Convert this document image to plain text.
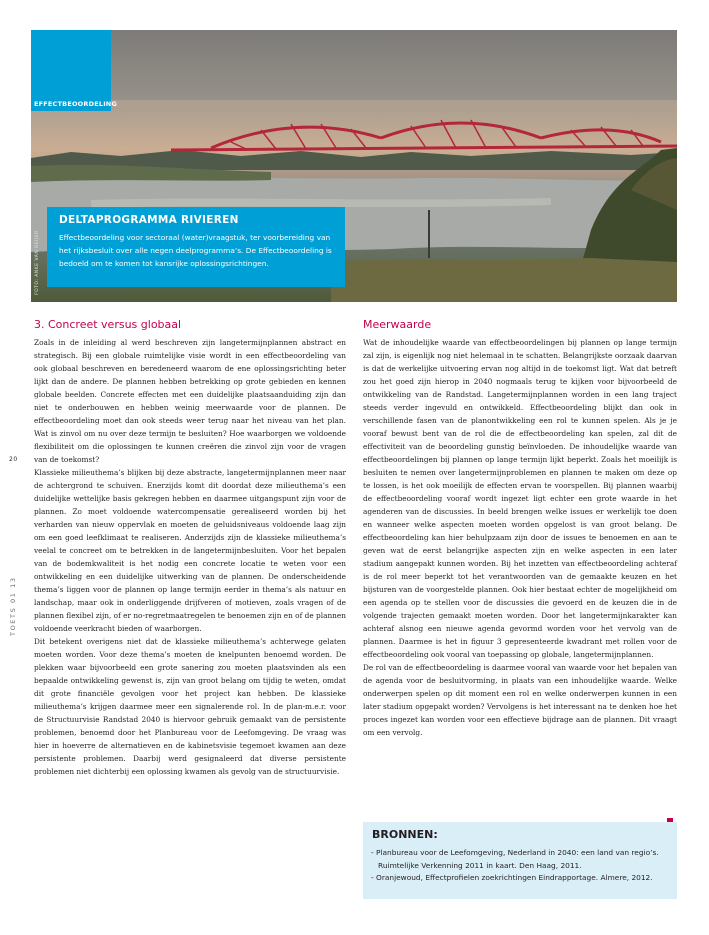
EFFECTBEOORDELING
FOTO: ANKE VAN REIJER
DELTAPROGRAMMA RIVIEREN

Effectbeoordeling voor sectoraal (water)vraagstuk, ter voorbereiding van
het rijksbesluit over alle negen deelprogramma’s. De Effectbeoordeling is
bedoeld om te komen tot kansrijke oplossingsrichtingen.

3. Concreet versus globaal

Zoals in de inleiding al werd beschreven zijn langetermijnplannen abstract en strategisch. Bij een globale ruimtelijke visie wordt in een effectbeoordeling van ook globaal beschreven en beredeneerd waarom de ene oplossingsrichting beter lijkt dan de andere. De plannen hebben betrekking op grote gebieden en kennen globale beelden. Concrete effecten met een duidelijke plaatsaanduiding zijn dan niet te onderbouwen en hebben weinig meerwaarde voor de plannen. De effectbeoordeling moet dan ook steeds weer terug naar het niveau van het plan. Wat is zinvol om nu over deze termijn te besluiten? Hoe waarborgen we voldoende flexibiliteit om die oplossingen te kunnen creëren die zinvol zijn voor de vragen van de toekomst?

Klassieke milieuthema’s blijken bij deze abstracte, langetermijnplannen meer naar de achtergrond te schuiven. Enerzijds komt dit doordat deze milieuthema’s een duidelijke wettelijke basis gekregen hebben en daarmee uitgangspunt zijn voor de plannen. Zo moet voldoende watercompensatie gerealiseerd worden bij het verharden van nieuw oppervlak en moeten de geluidsniveaus voldoende laag zijn om een goed leefklimaat te realiseren. Anderzijds zijn de klassieke milieuthema’s veelal te concreet om te betrekken in de langetermijnbesluiten. Voor het bepalen van de bodemkwaliteit is het nodig een concrete locatie te weten voor een ontwikkeling en een duidelijke uitwerking van de plannen. De onderscheidende thema’s liggen voor de plannen op lange termijn eerder in thema’s als natuur en landschap, maar ook in onderliggende drijfveren of motieven, zoals vragen of de plannen flexibel zijn, of er no-regretmaatregelen te benoemen zijn en of de plannen voldoende veerkracht bieden of waarborgen.

Dit betekent overigens niet dat de klassieke milieuthema’s achterwege gelaten moeten worden. Voor deze thema’s moeten de knelpunten benoemd worden. De plekken waar bijvoorbeeld een grote sanering zou moeten plaatsvinden als een bepaalde ontwikkeling gewenst is, zijn van groot belang om tijdig te weten, omdat dit grote financiële gevolgen voor het project kan hebben. De klassieke milieuthema’s krijgen daarmee meer een signalerende rol. In de plan-m.e.r. voor de Structuurvisie Randstad 2040 is hiervoor gebruik gemaakt van de persistente problemen, benoemd door het Planbureau voor de Leefomgeving. De vraag was hier in hoeverre de alternatieven en de kabinetsvisie tegemoet kwamen aan deze persistente problemen. Daarbij werd gesignaleerd dat diverse persistente problemen niet dichterbij een oplossing kwamen als gevolg van de structuurvisie.

Meerwaarde

Wat de inhoudelijke waarde van effectbeoordelingen bij plannen op lange termijn zal zijn, is eigenlijk nog niet helemaal in te schatten. Belangrijkste oorzaak daarvan is dat de werkelijke uitvoering ervan nog altijd in de toekomst ligt. Wat dat betreft zou het goed zijn hierop in 2040 nogmaals terug te kijken voor bijvoorbeeld de ontwikkeling van de Randstad. Langetermijnplannen worden in een lang traject steeds verder ingevuld en ontwikkeld. Effectbeoordeling blijkt dan ook in verschillende fasen van de planontwikkeling een rol te kunnen spelen. Als je je vooraf bewust bent van de rol die de effectbeoordeling kan spelen, zal dit de effectiviteit van de beoordeling gunstig beïnvloeden. De inhoudelijke waarde van effectbeoordelingen bij plannen op lange termijn lijkt beperkt. Zoals het moeilijk is besluiten te nemen over langetermijnproblemen en plannen te maken om deze op te lossen, is het ook moeilijk de effecten ervan te voorspellen. Bij plannen waarbij de effectbeoordeling vooraf wordt ingezet ligt echter een grote waarde in het agenderen van de discussies. In beeld brengen welke issues er werkelijk toe doen en wanneer welke aspecten moeten worden opgelost is van groot belang. De effectbeoordeling kan hier behulpzaam zijn door de issues te benoemen en aan te geven wat de eerst belangrijke aspecten zijn en welke aspecten in een later stadium aangepakt kunnen worden. Bij het inzetten van effectbeoordeling achteraf is de rol meer beperkt tot het verantwoorden van de gemaakte keuzen en het bijsturen van de voorgestelde plannen. Ook hier bestaat echter de mogelijkheid om een agenda op te stellen voor de discussies die gevoerd en de keuzen die in de volgende trajecten gemaakt moeten worden. Door het langetermijnkarakter kan achteraf alsnog een nieuwe agenda gevormd worden voor het vervolg van de plannen. Daarmee is het in figuur 3 gepresenteerde kwadrant met rollen voor de effectbeoordeling ook vooral van toepassing op globale, langetermijnplannen.

De rol van de effectbeoordeling is daarmee vooral van waarde voor het bepalen van de agenda voor de besluitvorming, in plaats van een inhoudelijke waarde. Welke onderwerpen spelen op dit moment een rol en welke onderwerpen kunnen in een later stadium opgepakt worden? Vervolgens is het interessant na te denken hoe het proces ingezet kan worden voor een effectieve bijdrage aan de plannen. Dit vraagt om een vervolg.

20
TOETS 01 13
BRONNEN:
- Planbureau voor de Leefomgeving, Nederland in 2040: een land van regio’s.
Ruimtelijke Verkenning 2011 in kaart. Den Haag, 2011.
- Oranjewoud, Effectprofielen zoekrichtingen Eindrapportage. Almere, 2012.
